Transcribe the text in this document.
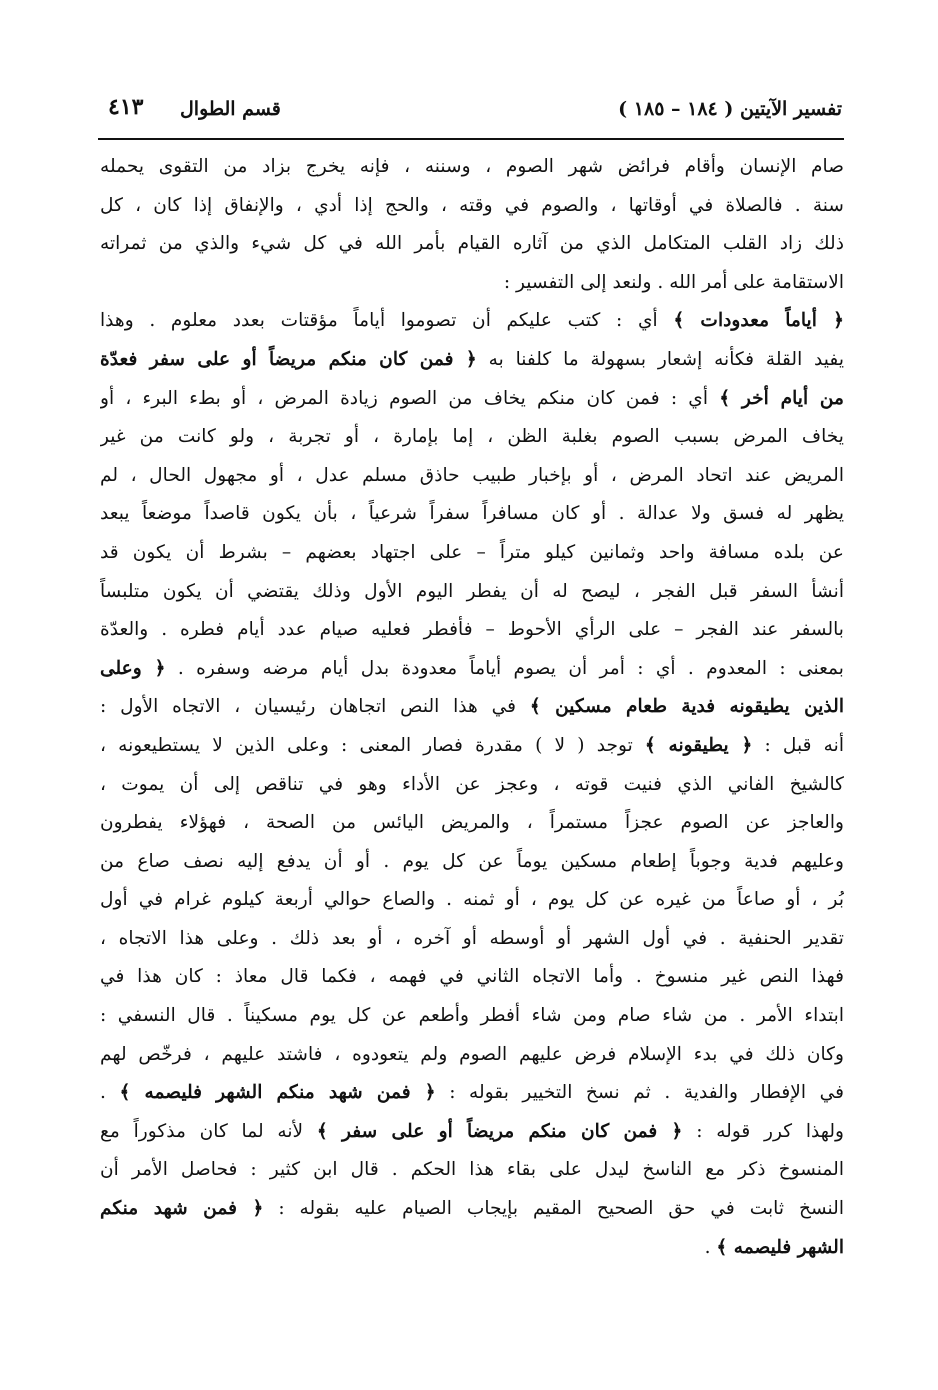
تفسير الآيتين ( ١٨٤ – ١٨٥ )
قسم الطوال
٤١٣
صام الإنسان وأقام فرائض شهر الصوم ، وسننه ، فإنه يخرج بزاد من التقوى يحمله
سنة . فالصلاة في أوقاتها ، والصوم في وقته ، والحج إذا أدي ، والإنفاق إذا كان ، كل
ذلك زاد القلب المتكامل الذي من آثاره القيام بأمر الله في كل شيء والذي من ثمراته
الاستقامة على أمر الله . ولنعد إلى التفسير :
﴿ أياماً معدودات ﴾ أي : كتب عليكم أن تصوموا أياماً مؤقتات بعدد معلوم . وهذا
يفيد القلة فكأنه إشعار بسهولة ما كلفنا به ﴿ فمن كان منكم مريضاً أو على سفر فعدّة
من أيام أخر ﴾ أي : فمن كان منكم يخاف من الصوم زيادة المرض ، أو بطء البرء ، أو
يخاف المرض بسبب الصوم بغلبة الظن ، إما بإمارة ، أو تجربة ، ولو كانت من غير
المريض عند اتحاد المرض ، أو بإخبار طبيب حاذق مسلم عدل ، أو مجهول الحال ، لم
يظهر له فسق ولا عدالة . أو كان مسافراً سفراً شرعياً ، بأن يكون قاصداً موضعاً يبعد
عن بلده مسافة واحد وثمانين كيلو متراً – على اجتهاد بعضهم – بشرط أن يكون قد
أنشأ السفر قبل الفجر ، ليصح له أن يفطر اليوم الأول وذلك يقتضي أن يكون متلبساً
بالسفر عند الفجر – على الرأي الأحوط – فأفطر فعليه صيام عدد أيام فطره . والعدّة
بمعنى : المعدوم . أي : أمر أن يصوم أياماً معدودة بدل أيام مرضه وسفره . ﴿ وعلى
الذين يطيقونه فدية طعام مسكين ﴾ في هذا النص اتجاهان رئيسيان ، الاتجاه الأول :
أنه قبل : ﴿ يطيقونه ﴾ توجد ( لا ) مقدرة فصار المعنى : وعلى الذين لا يستطيعونه ،
كالشيخ الفاني الذي فنيت قوته ، وعجز عن الأداء وهو في تناقص إلى أن يموت ،
والعاجز عن الصوم عجزاً مستمراً ، والمريض اليائس من الصحة ، فهؤلاء يفطرون
وعليهم فدية وجوباً إطعام مسكين يوماً عن كل يوم . أو أن يدفع إليه نصف صاع من
بُر ، أو صاعاً من غيره عن كل يوم ، أو ثمنه . والصاع حوالي أربعة كيلوم غرام في أول
تقدير الحنفية . في أول الشهر أو أوسطه أو آخره ، أو بعد ذلك . وعلى هذا الاتجاه ،
فهذا النص غير منسوخ . وأما الاتجاه الثاني في فهمه ، فكما قال معاذ : كان هذا في
ابتداء الأمر . من شاء صام ومن شاء أفطر وأطعم عن كل يوم مسكيناً . قال النسفي :
وكان ذلك في بدء الإسلام فرض عليهم الصوم ولم يتعودوه ، فاشتد عليهم ، فرخّص لهم
في الإفطار والفدية . ثم نسخ التخيير بقوله : ﴿ فمن شهد منكم الشهر فليصمه ﴾ .
ولهذا كرر قوله : ﴿ فمن كان منكم مريضاً أو على سفر ﴾ لأنه لما كان مذكوراً مع
المنسوخ ذكر مع الناسخ ليدل على بقاء هذا الحكم . قال ابن كثير : فحاصل الأمر أن
النسخ ثابت في حق الصحيح المقيم بإيجاب الصيام عليه بقوله : ﴿ فمن شهد منكم
الشهر فليصمه ﴾ .
